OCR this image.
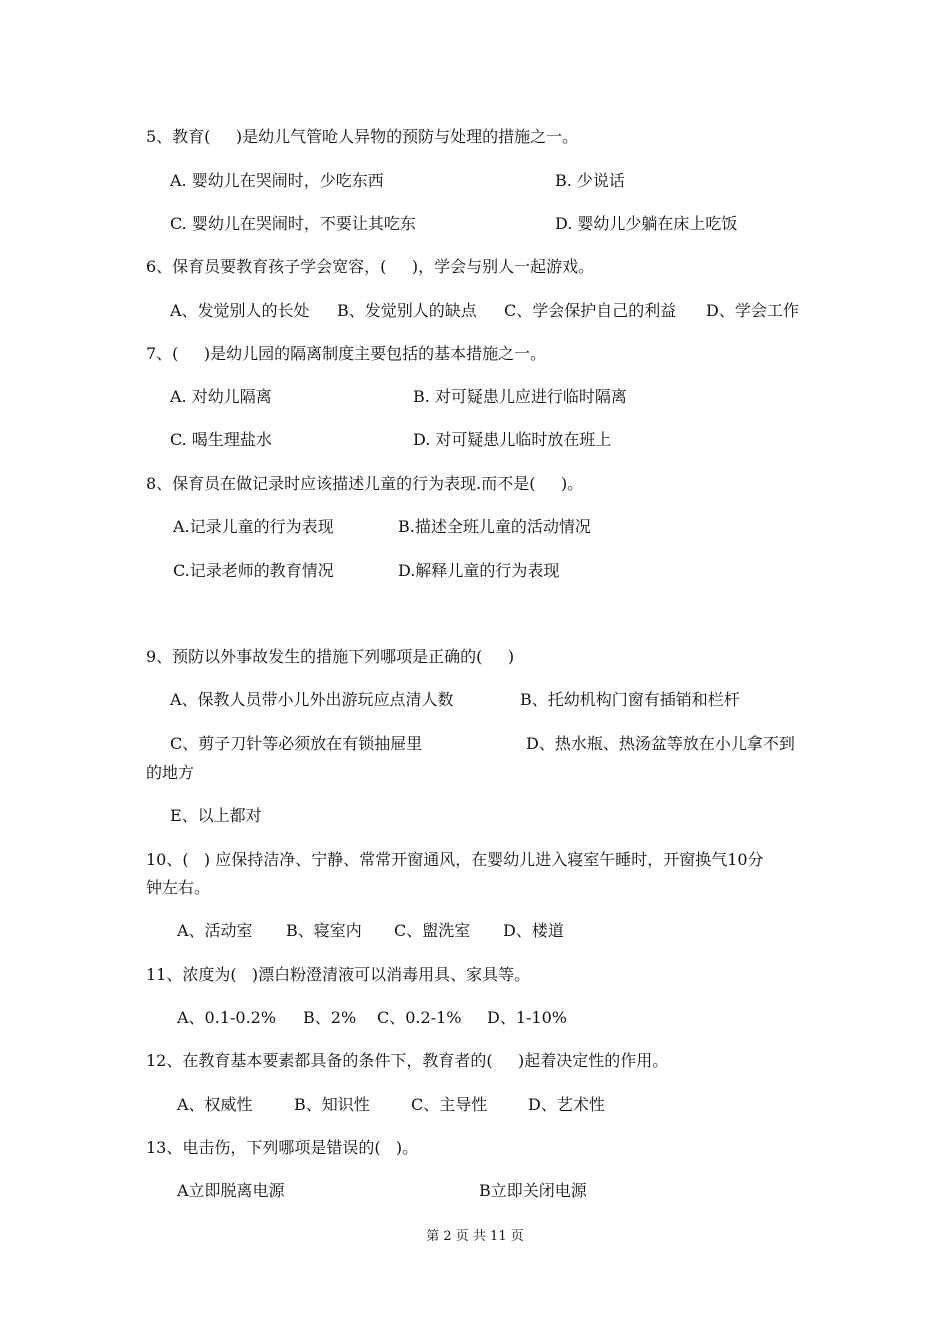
5、教育(     )是幼儿气管呛人异物的预防与处理的措施之一。
A. 婴幼儿在哭闹时，少吃东西	B. 少说话
C. 婴幼儿在哭闹时，不要让其吃东	D. 婴幼儿少躺在床上吃饭
6、保育员要教育孩子学会宽容，(     )，学会与别人一起游戏。
A、发觉别人的长处 B、发觉别人的缺点 C、学会保护自己的利益 D、学会工作
7、(     )是幼儿园的隔离制度主要包括的基本措施之一。
A. 对幼儿隔离	B. 对可疑患儿应进行临时隔离
C. 喝生理盐水	D. 对可疑患儿临时放在班上
8、保育员在做记录时应该描述儿童的行为表现.而不是(     )。
A.记录儿童的行为表现	B.描述全班儿童的活动情况
C.记录老师的教育情况	D.解释儿童的行为表现
9、预防以外事故发生的措施下列哪项是正确的(     )
A、保教人员带小儿外出游玩应点清人数	B、托幼机构门窗有插销和栏杆
C、剪子刀针等必须放在有锁抽屉里	D、热水瓶、热汤盆等放在小儿拿不到
的地方
E、以上都对
10、(   ) 应保持洁净、宁静、常常开窗通风，在婴幼儿进入寝室午睡时，开窗换气10分
钟左右。
A、活动室 B、寝室内 C、盥洗室 D、楼道
11、浓度为(   )漂白粉澄清液可以消毒用具、家具等。
A、0.1-0.2% B、2% C、0.2-1% D、1-10%
12、在教育基本要素都具备的条件下，教育者的(     )起着决定性的作用。
A、权威性	B、知识性	C、主导性	D、艺术性
13、电击伤，下列哪项是错误的(   )。
A立即脱离电源	B立即关闭电源
第 2 页 共 11 页
